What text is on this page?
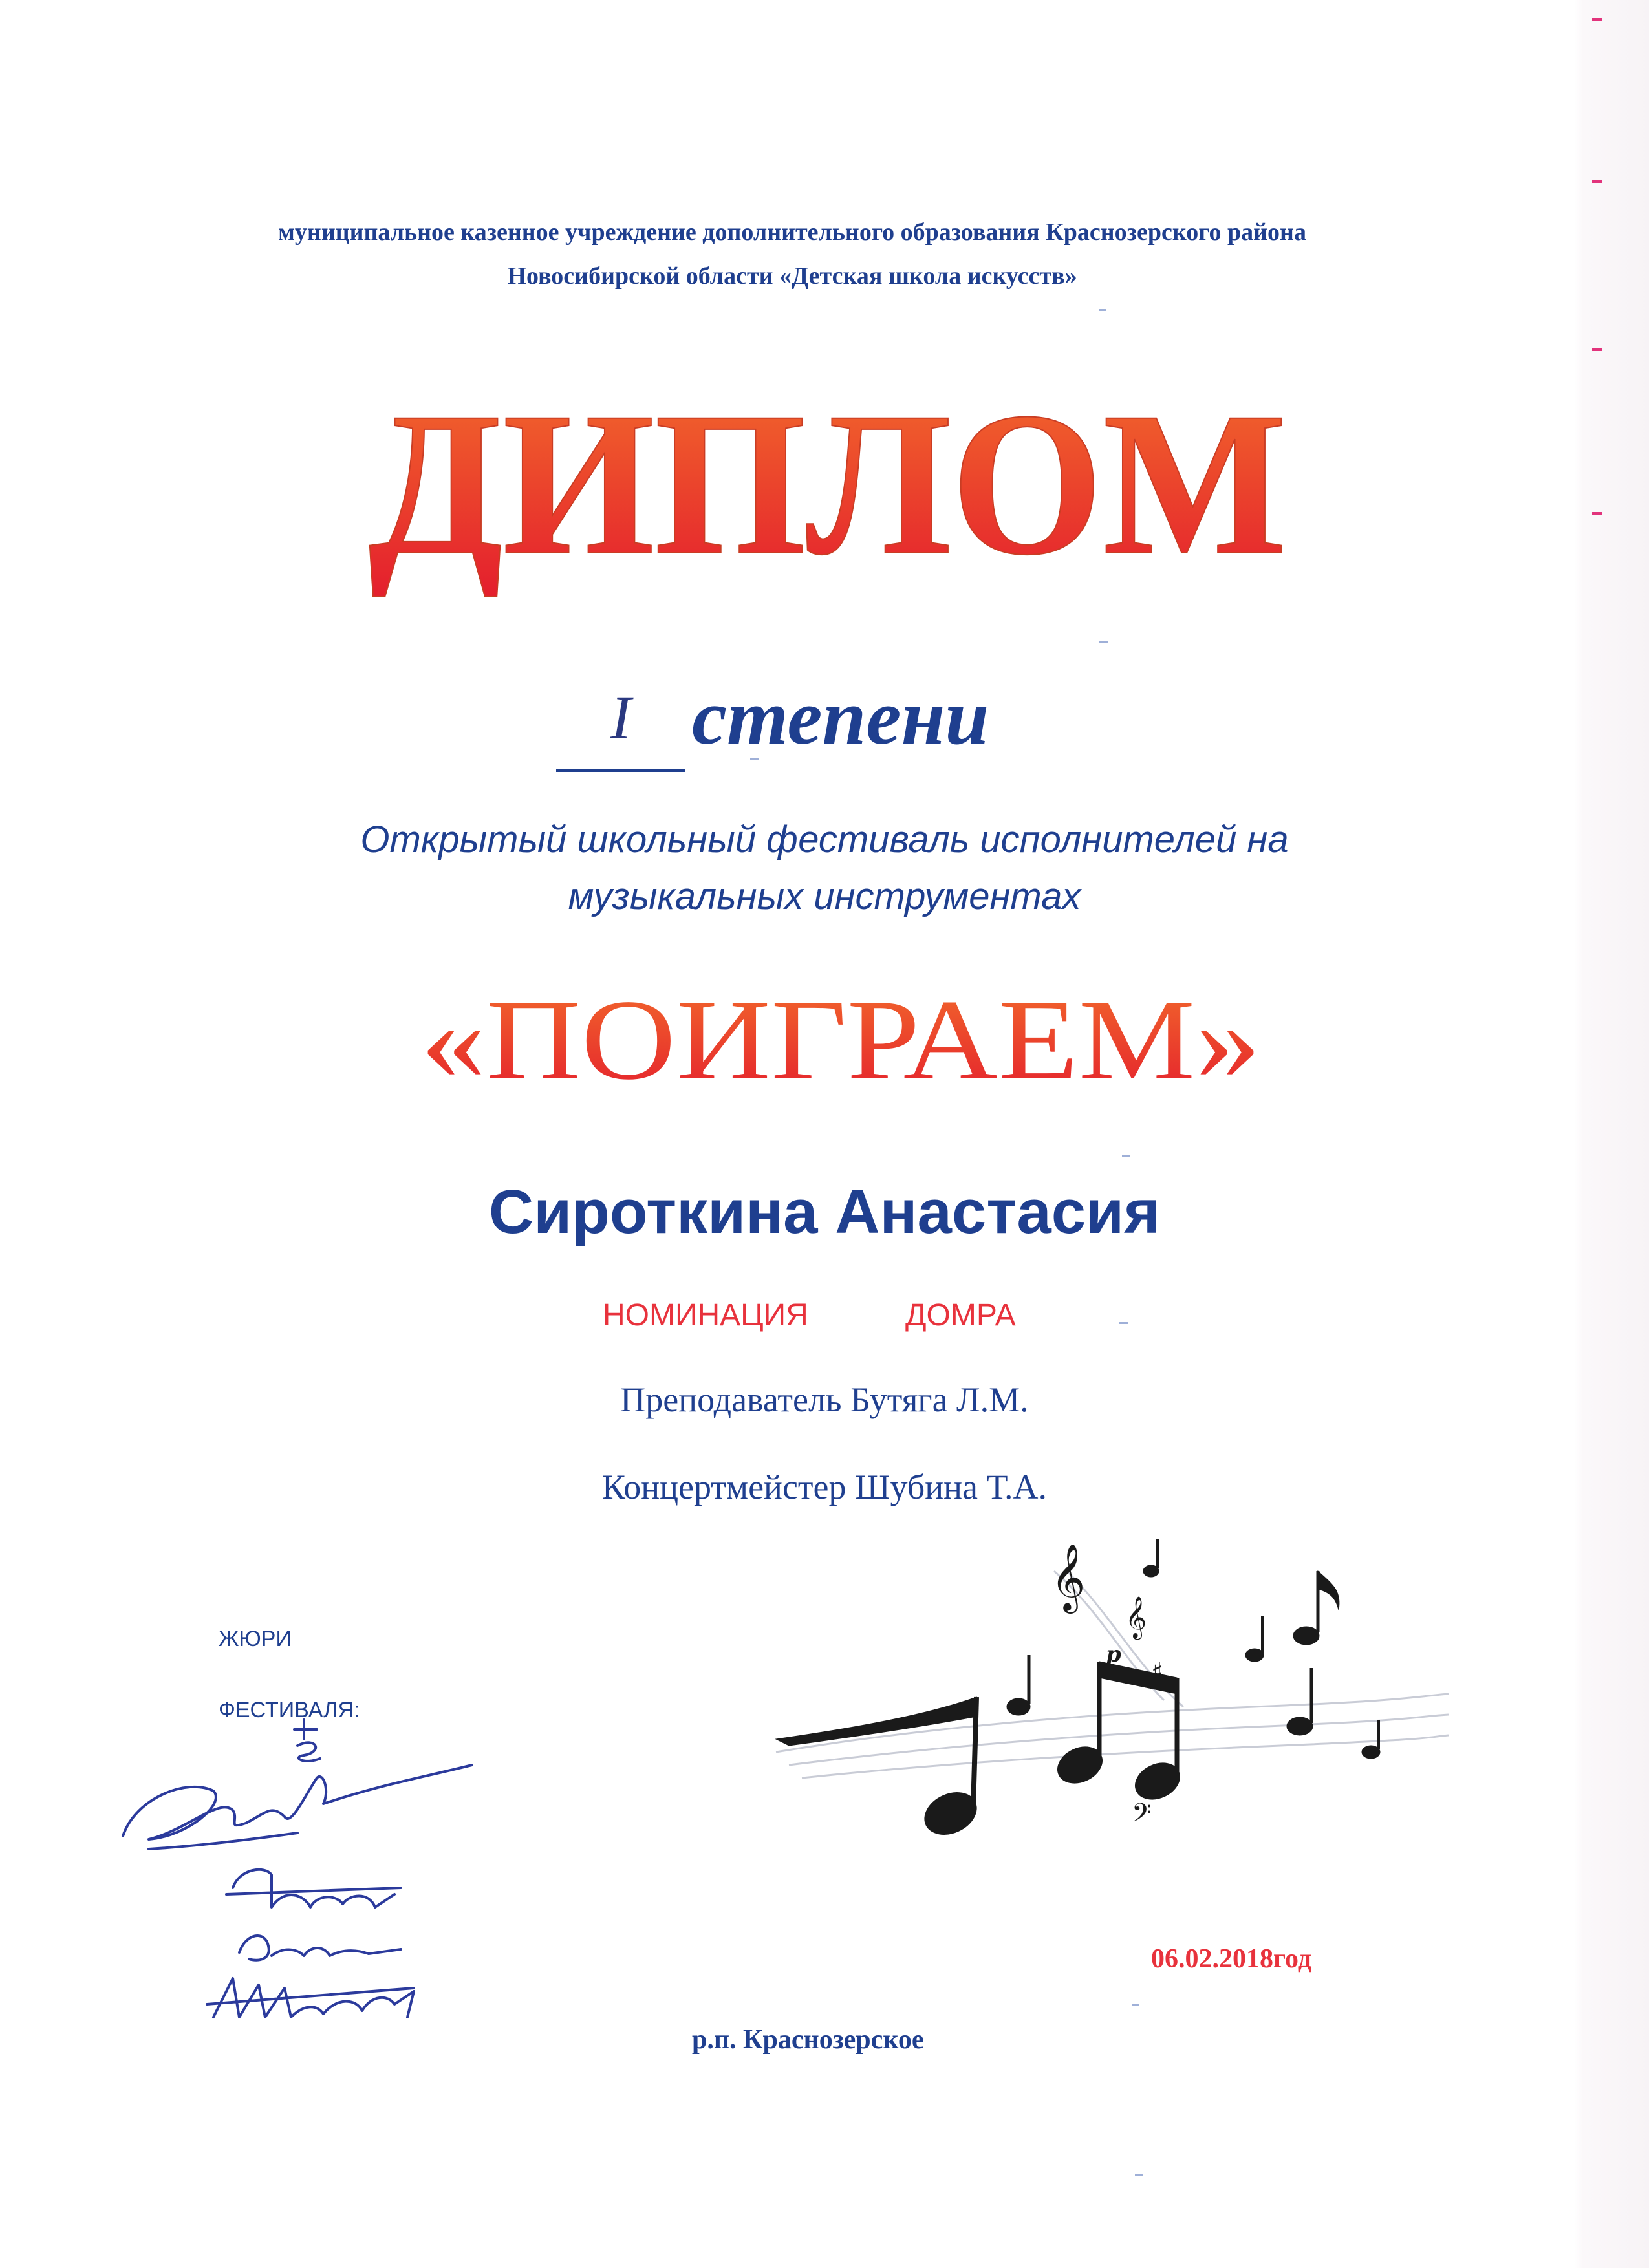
муниципальное казенное учреждение дополнительного образования Краснозерского района
Новосибирской области «Детская школа искусств»
ДИПЛОМ
I степени
Открытый школьный фестиваль исполнителей на
музыкальных инструментах
«ПОИГРАЕМ»
Сироткина Анастасия
НОМИНАЦИЯ	ДОМРА
Преподаватель Бутяга Л.М.
Концертмейстер Шубина Т.А.
ЖЮРИ
ФЕСТИВАЛЯ:
𝄞
𝄞
p
♯
𝄢
06.02.2018год
р.п. Краснозерское
